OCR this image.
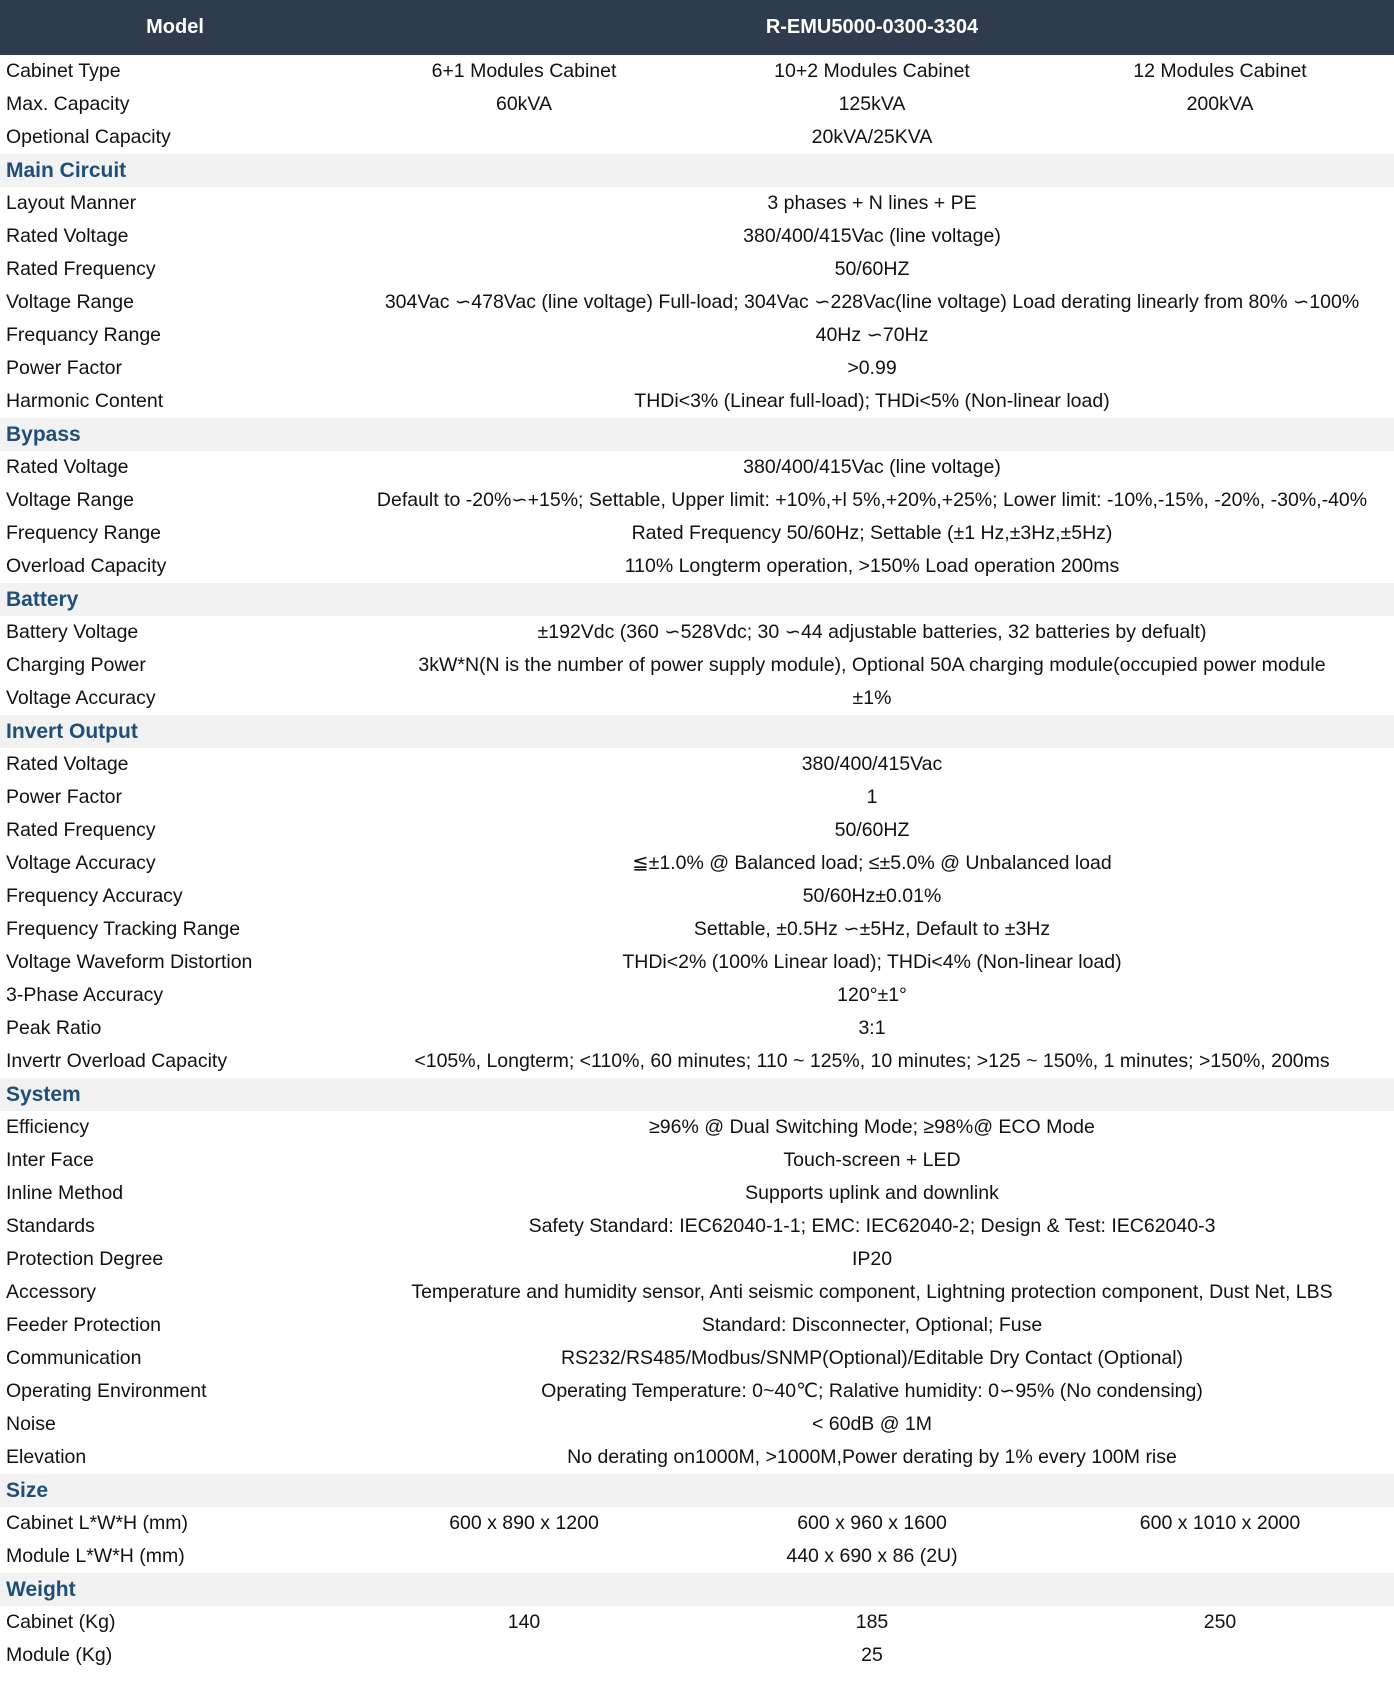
Model	R-EMU5000-0300-3304		
Cabinet Type	6+1 Modules Cabinet	10+2 Modules Cabinet	12 Modules Cabinet
Max. Capacity	60kVA	125kVA	200kVA
Opetional Capacity	20kVA/25KVA		
Main Circuit			
Layout Manner	3 phases + N lines + PE		
Rated Voltage	380/400/415Vac (line voltage)		
Rated Frequency	50/60HZ		
Voltage Range	304Vac ∽478Vac (line voltage) Full-load; 304Vac ∽228Vac(line voltage) Load derating linearly from 80% ∽100%		
Frequancy Range	40Hz ∽70Hz		
Power Factor	>0.99		
Harmonic Content	THDi<3% (Linear full-load); THDi<5% (Non-linear load)		
Bypass			
Rated Voltage	380/400/415Vac (line voltage)		
Voltage Range	Default to -20%∽+15%; Settable, Upper limit: +10%,+l 5%,+20%,+25%; Lower limit: -10%,-15%, -20%, -30%,-40%		
Frequency Range	Rated Frequency 50/60Hz; Settable (±1 Hz,±3Hz,±5Hz)		
Overload Capacity	110% Longterm operation, >150% Load operation 200ms		
Battery			
Battery Voltage	±192Vdc (360 ∽528Vdc; 30 ∽44 adjustable batteries, 32 batteries by defualt)		
Charging Power	3kW*N(N is the number of power supply module), Optional 50A charging module(occupied power module		
Voltage Accuracy	±1%		
Invert Output			
Rated Voltage	380/400/415Vac		
Power Factor	1		
Rated Frequency	50/60HZ		
Voltage Accuracy	≦±1.0% @ Balanced load; ≤±5.0% @ Unbalanced load		
Frequency Accuracy	50/60Hz±0.01%		
Frequency Tracking Range	Settable, ±0.5Hz ∽±5Hz, Default to ±3Hz		
Voltage Waveform Distortion	THDi<2% (100% Linear load); THDi<4% (Non-linear load)		
3-Phase Accuracy	120°±1°		
Peak Ratio	3:1		
Invertr Overload Capacity	<105%, Longterm; <110%, 60 minutes; 110 ~ 125%, 10 minutes; >125 ~ 150%, 1 minutes; >150%, 200ms		
System			
Efficiency	≥96% @ Dual Switching Mode; ≥98%@ ECO Mode		
Inter Face	Touch-screen + LED		
Inline Method	Supports uplink and downlink		
Standards	Safety Standard: IEC62040-1-1; EMC: IEC62040-2; Design & Test: IEC62040-3		
Protection Degree	IP20		
Accessory	Temperature and humidity sensor, Anti seismic component, Lightning protection component, Dust Net, LBS		
Feeder Protection	Standard: Disconnecter, Optional; Fuse		
Communication	RS232/RS485/Modbus/SNMP(Optional)/Editable Dry Contact (Optional)		
Operating Environment	Operating Temperature: 0~40℃; Ralative humidity: 0∽95% (No condensing)		
Noise	< 60dB @ 1M		
Elevation	No derating on1000M, >1000M,Power derating by 1% every 100M rise		
Size			
Cabinet L*W*H (mm)	600 x 890 x 1200	600 x 960 x 1600	600 x 1010 x 2000
Module L*W*H (mm)	440 x 690 x 86 (2U)		
Weight			
Cabinet (Kg)	140	185	250
Module (Kg)	25		
